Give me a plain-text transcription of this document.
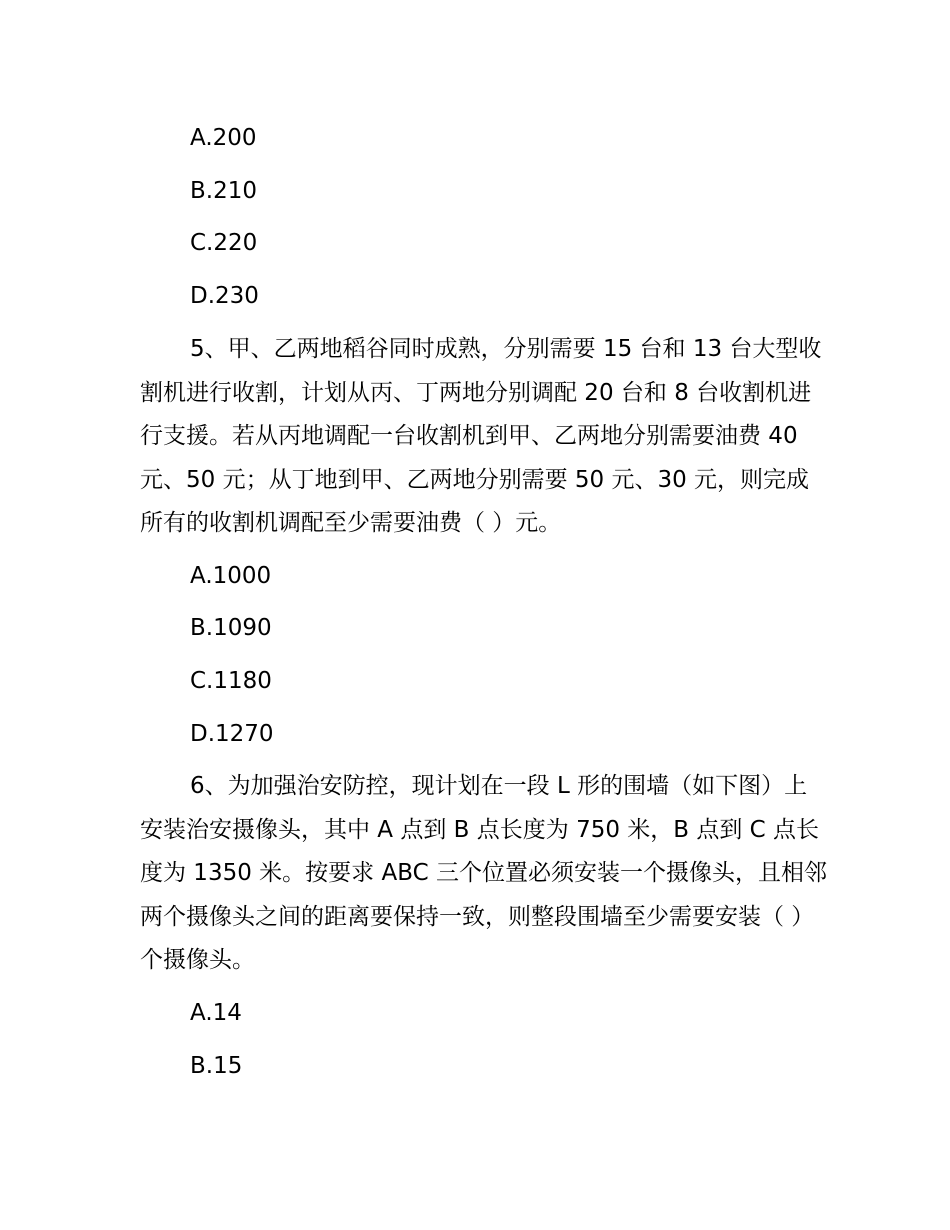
A.200

B.210

C.220

D.230

5、甲、乙两地稻谷同时成熟，分别需要 15 台和 13 台大型收割机进行收割，计划从丙、丁两地分别调配 20 台和 8 台收割机进行支援。若从丙地调配一台收割机到甲、乙两地分别需要油费 40 元、50 元；从丁地到甲、乙两地分别需要 50 元、30 元，则完成所有的收割机调配至少需要油费（ ）元。

A.1000

B.1090

C.1180

D.1270

6、为加强治安防控，现计划在一段 L 形的围墙（如下图）上安装治安摄像头，其中 A 点到 B 点长度为 750 米，B 点到 C 点长度为 1350 米。按要求 ABC 三个位置必须安装一个摄像头，且相邻两个摄像头之间的距离要保持一致，则整段围墙至少需要安装（ ）个摄像头。

A.14

B.15
